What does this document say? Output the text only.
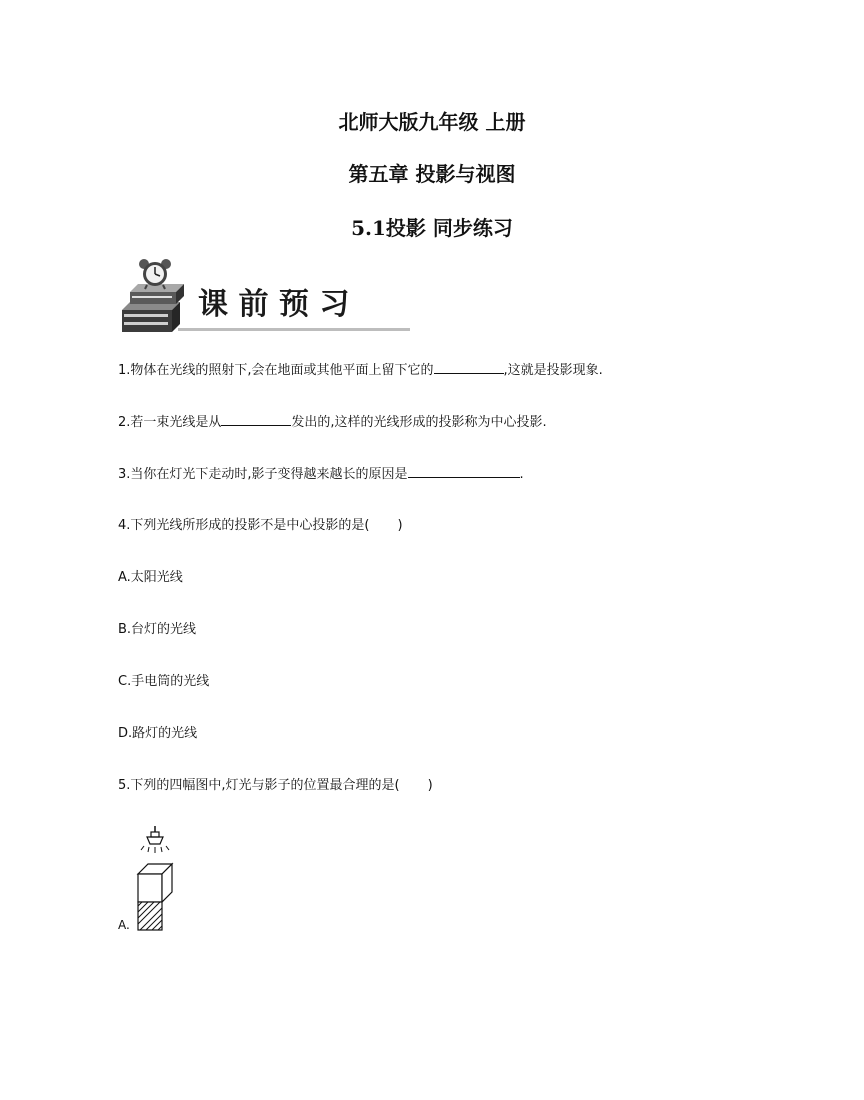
北师大版九年级 上册
第五章 投影与视图
5.1投影 同步练习
课 前 预 习
1.物体在光线的照射下,会在地面或其他平面上留下它的	,这就是投影现象.
2.若一束光线是从	发出的,这样的光线形成的投影称为中心投影.
3.当你在灯光下走动时,影子变得越来越长的原因是	.
4.下列光线所形成的投影不是中心投影的是( )
A.太阳光线
B.台灯的光线
C.手电筒的光线
D.路灯的光线
5.下列的四幅图中,灯光与影子的位置最合理的是( )
A.
